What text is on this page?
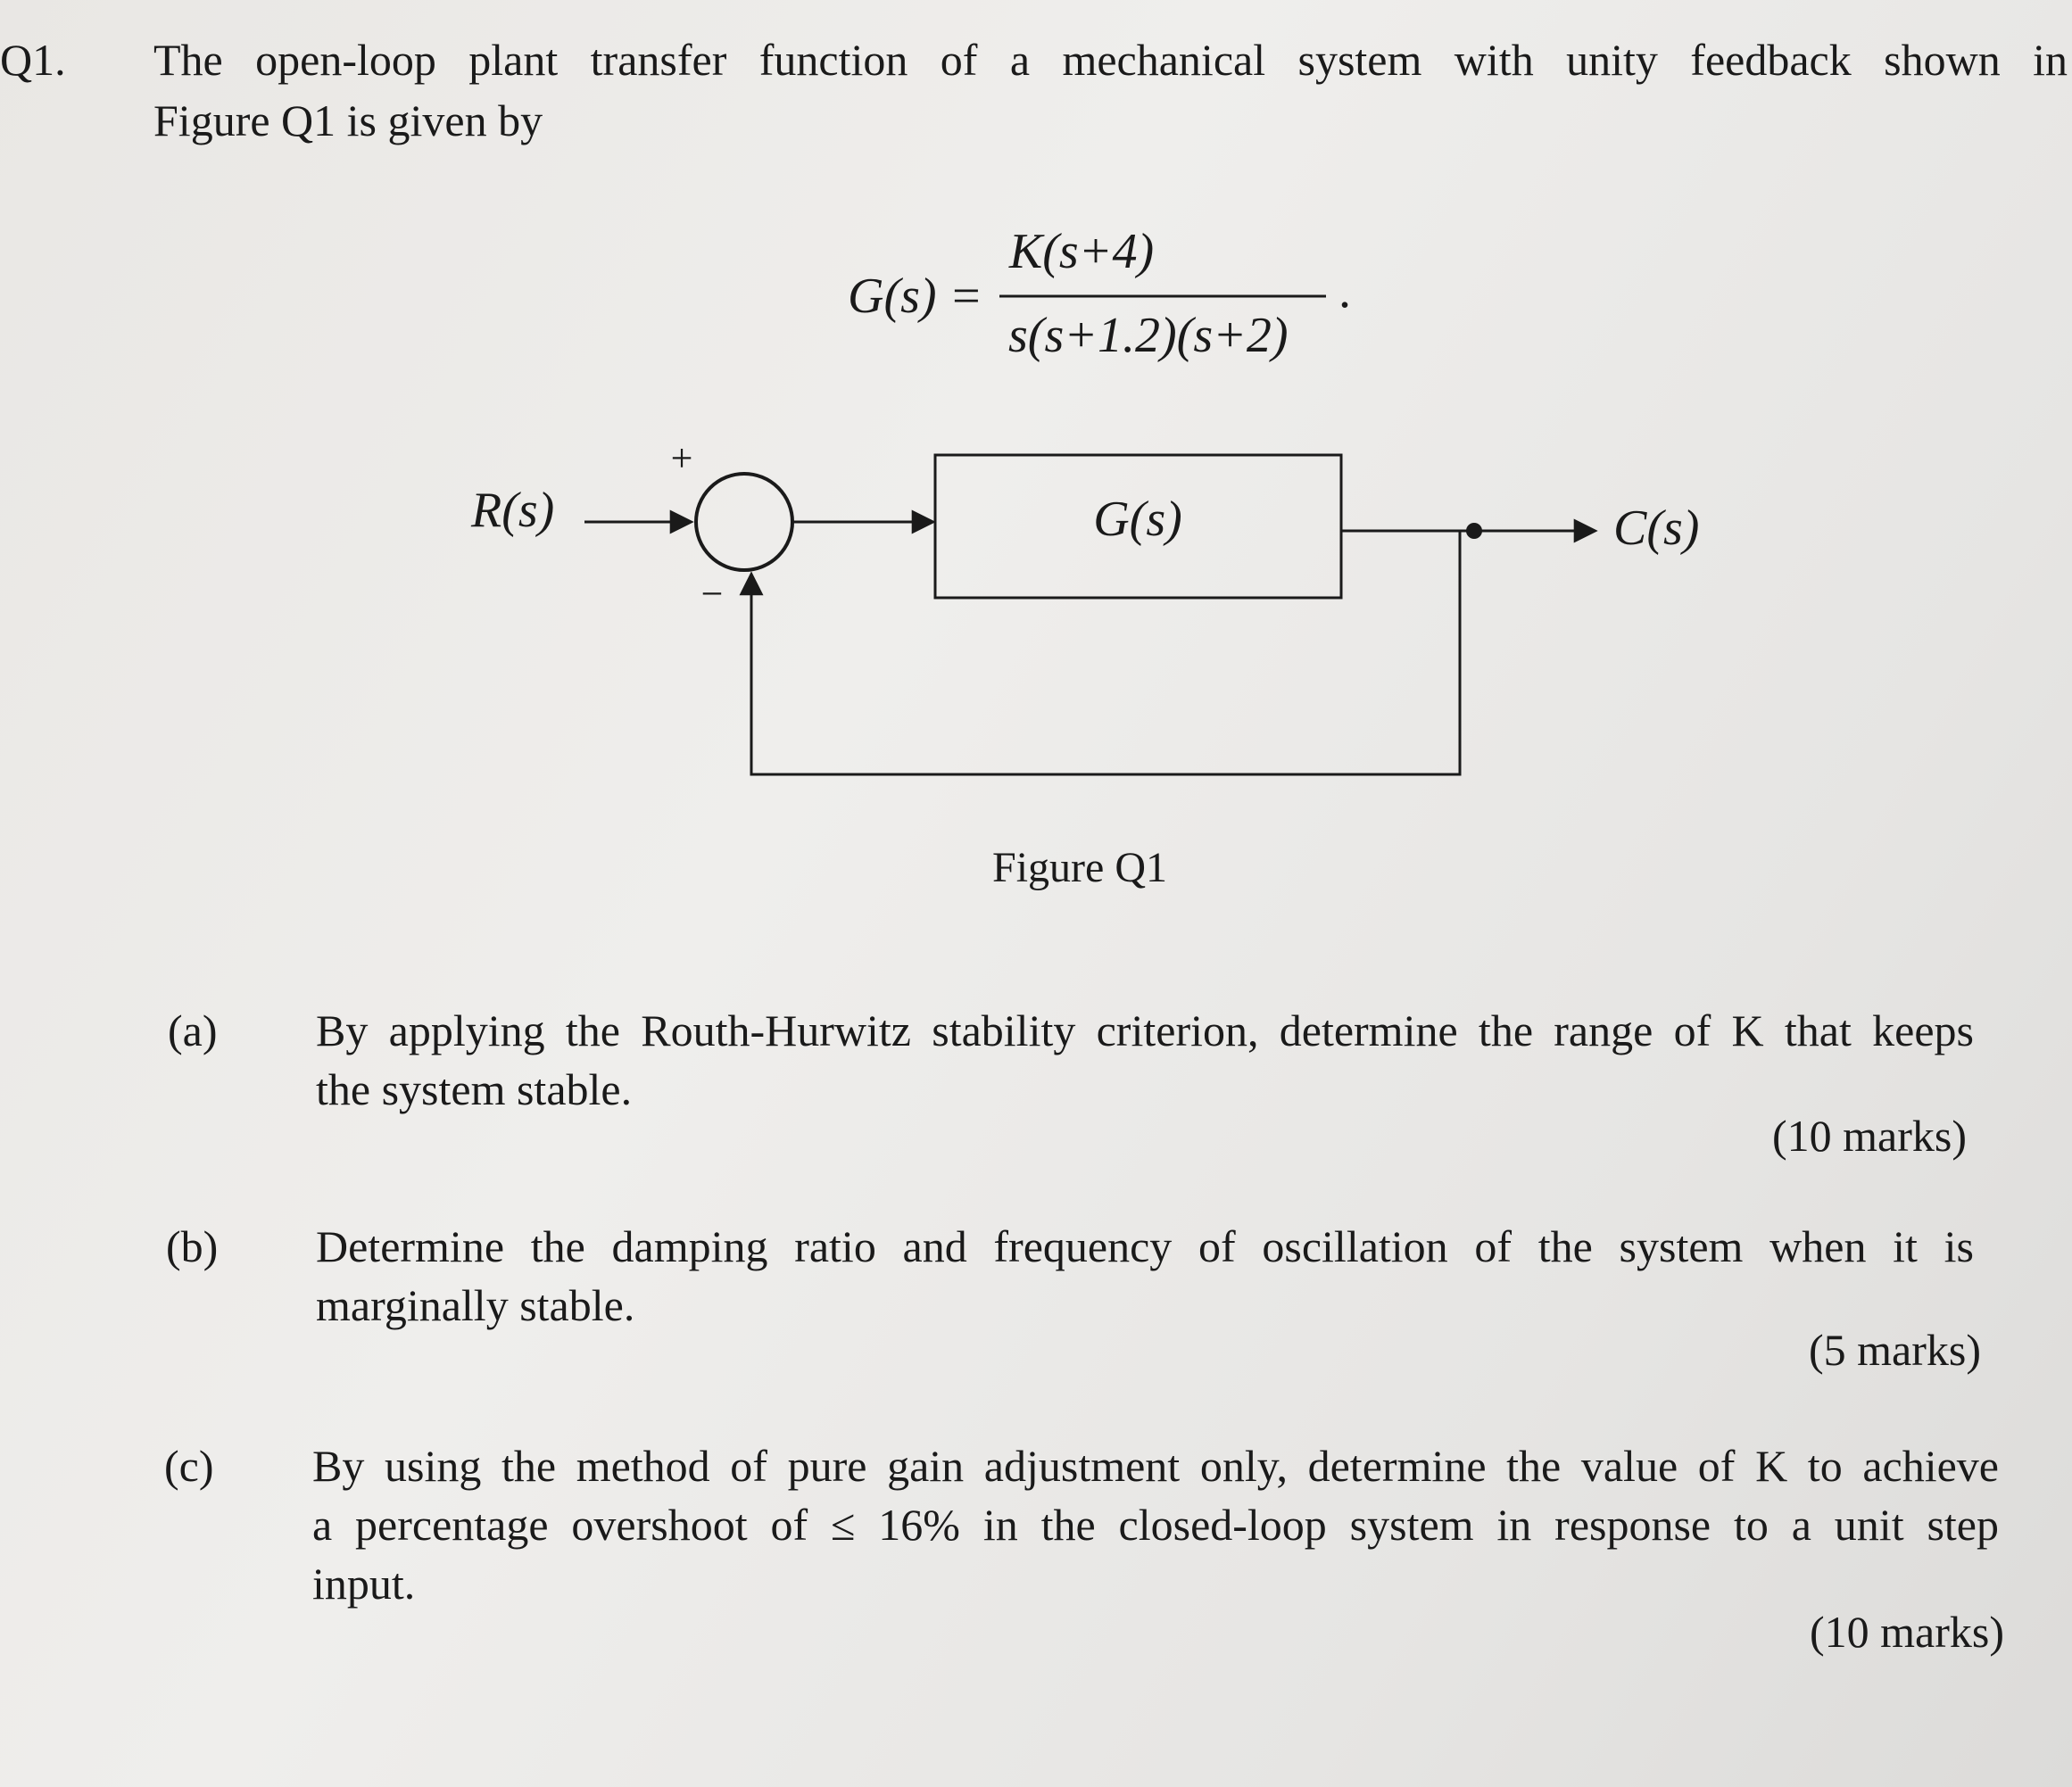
Q1. The open-loop plant transfer function of a mechanical system with unity feedback shown in
Figure Q1 is given by
G(s) =
K(s+4)
s(s+1.2)(s+2)
.
R(s)
+
−
G(s)	C(s)
Figure Q1
(a) By applying the Routh-Hurwitz stability criterion, determine the range of K that keeps
the system stable.
(10 marks)
(b) Determine the damping ratio and frequency of oscillation of the system when it is
marginally stable.
(5 marks)
(c) By using the method of pure gain adjustment only, determine the value of K to achieve
a percentage overshoot of ≤ 16% in the closed-loop system in response to a unit step
input.
(10 marks)
